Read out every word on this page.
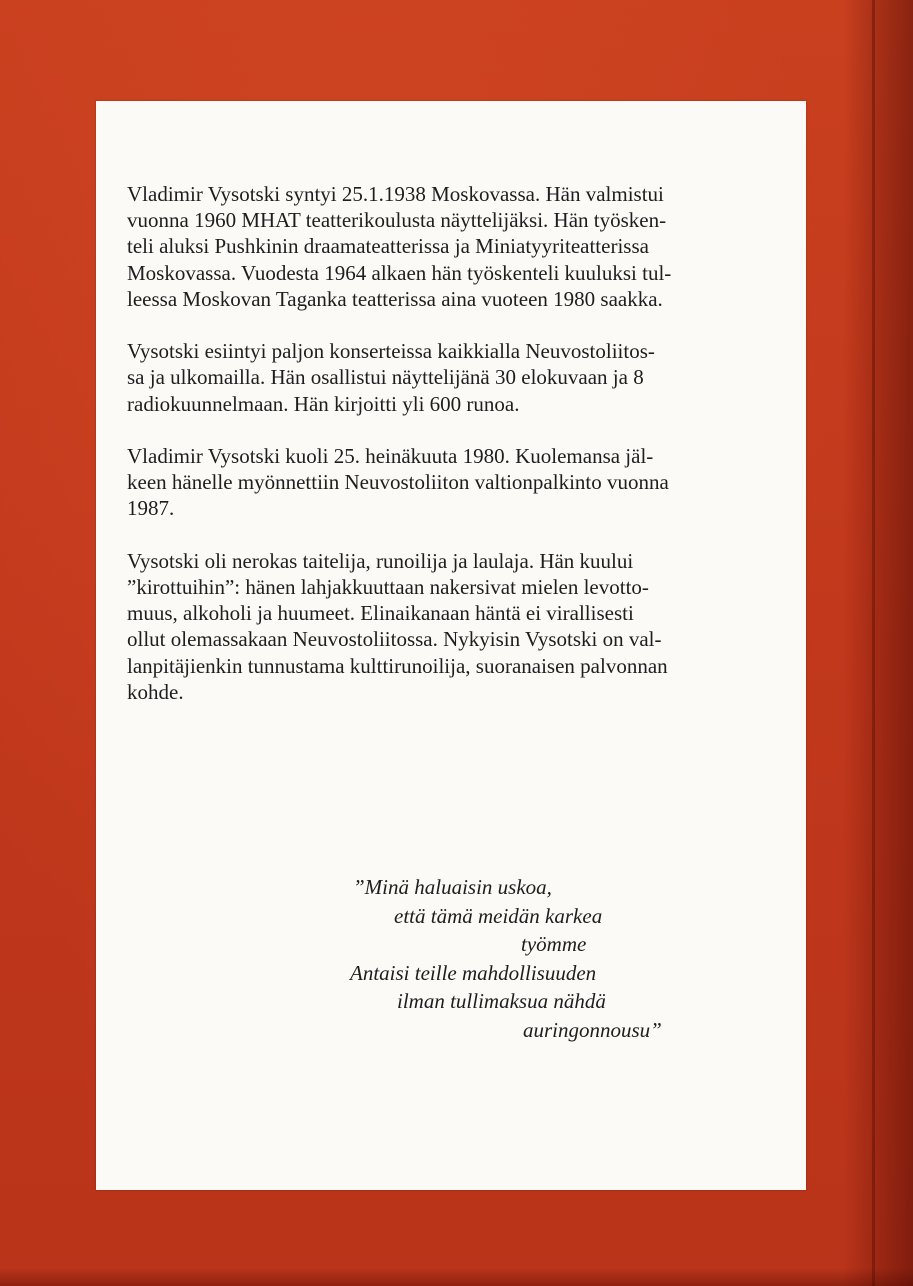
Vladimir Vysotski syntyi 25.1.1938 Moskovassa. Hän valmistui
vuonna 1960 MHAT teatterikoulusta näyttelijäksi. Hän työsken-
teli aluksi Pushkinin draamateatterissa ja Miniatyyriteatterissa
Moskovassa. Vuodesta 1964 alkaen hän työskenteli kuuluksi tul-
leessa Moskovan Taganka teatterissa aina vuoteen 1980 saakka.

Vysotski esiintyi paljon konserteissa kaikkialla Neuvostoliitos-
sa ja ulkomailla. Hän osallistui näyttelijänä 30 elokuvaan ja 8
radiokuunnelmaan. Hän kirjoitti yli 600 runoa.

Vladimir Vysotski kuoli 25. heinäkuuta 1980. Kuolemansa jäl-
keen hänelle myönnettiin Neuvostoliiton valtionpalkinto vuonna
1987.

Vysotski oli nerokas taitelija, runoilija ja laulaja. Hän kuului
”kirottuihin”: hänen lahjakkuuttaan nakersivat mielen levotto-
muus, alkoholi ja huumeet. Elinaikanaan häntä ei virallisesti
ollut olemassakaan Neuvostoliitossa. Nykyisin Vysotski on val-
lanpitäjienkin tunnustama kulttirunoilija, suoranaisen palvonnan
kohde.

”Minä haluaisin uskoa,
että tämä meidän karkea
työmme
Antaisi teille mahdollisuuden
ilman tullimaksua nähdä
auringonnousu”
